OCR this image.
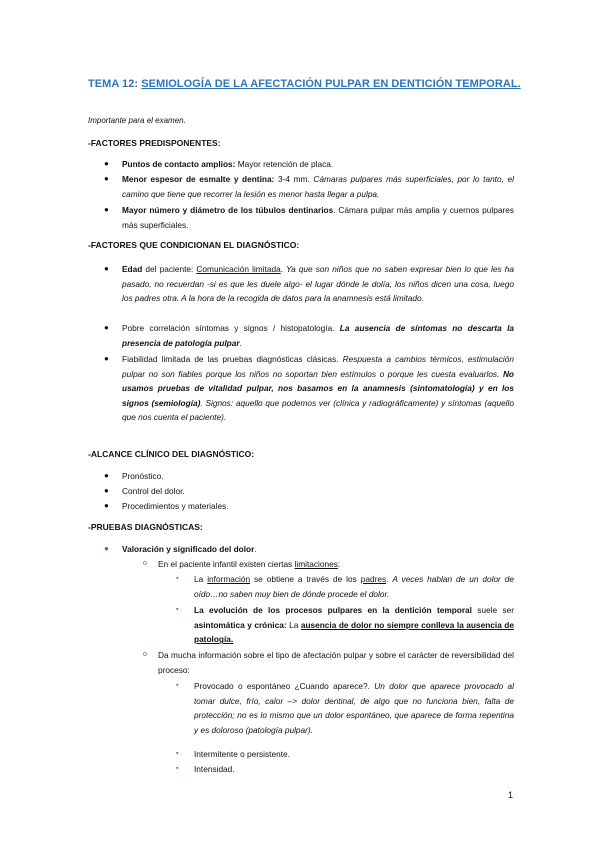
TEMA 12: SEMIOLOGÍA DE LA AFECTACIÓN PULPAR EN DENTICIÓN TEMPORAL.
Importante para el examen.
-FACTORES PREDISPONENTES:
● Puntos de contacto amplios: Mayor retención de placa.
● Menor espesor de esmalte y dentina: 3-4 mm. Cámaras pulpares más superficiales, por lo tanto, el camino que tiene que recorrer la lesión es menor hasta llegar a pulpa.
● Mayor número y diámetro de los túbulos dentinarios. Cámara pulpar más amplia y cuernos pulpares más superficiales.
-FACTORES QUE CONDICIONAN EL DIAGNÓSTICO:
● Edad del paciente: Comunicación limitada. Ya que son niños que no saben expresar bien lo que les ha pasado, no recuerdan -si es que les duele algo- el lugar dónde le dolía, los niños dicen una cosa, luego los padres otra. A la hora de la recogida de datos para la anamnesis está limitado.
● Pobre correlación síntomas y signos / histopatología. La ausencia de síntomas no descarta la presencia de patología pulpar.
● Fiabilidad limitada de las pruebas diagnósticas clásicas. Respuesta a cambios térmicos, estimulación pulpar no son fiables porque los niños no soportan bien estímulos o porque les cuesta evaluarlos. No usamos pruebas de vitalidad pulpar, nos basamos en la anamnesis (sintomatología) y en los signos (semiología). Signos: aquello que podemos ver (clínica y radiográficamente) y síntomas (aquello que nos cuenta el paciente).
-ALCANCE CLÍNICO DEL DIAGNÓSTICO:
● Pronóstico.
● Control del dolor.
● Procedimientos y materiales.
-PRUEBAS DIAGNÓSTICAS:
● Valoración y significado del dolor.
o En el paciente infantil existen ciertas limitaciones:
▪ La información se obtiene a través de los padres. A veces hablan de un dolor de oído…no saben muy bien de dónde procede el dolor.
▪ La evolución de los procesos pulpares en la dentición temporal suele ser asintomática y crónica: La ausencia de dolor no siempre conlleva la ausencia de patología.
o Da mucha información sobre el tipo de afectación pulpar y sobre el carácter de reversibilidad del proceso:
▪ Provocado o espontáneo ¿Cuando aparece?. Un dolor que aparece provocado al tomar dulce, frío, calor –> dolor dentinal, de algo que no funciona bien, falta de protección; no es lo mismo que un dolor espontáneo, que aparece de forma repentina y es doloroso (patología pulpar).
▪ Intermitente o persistente.
▪ Intensidad.
1
